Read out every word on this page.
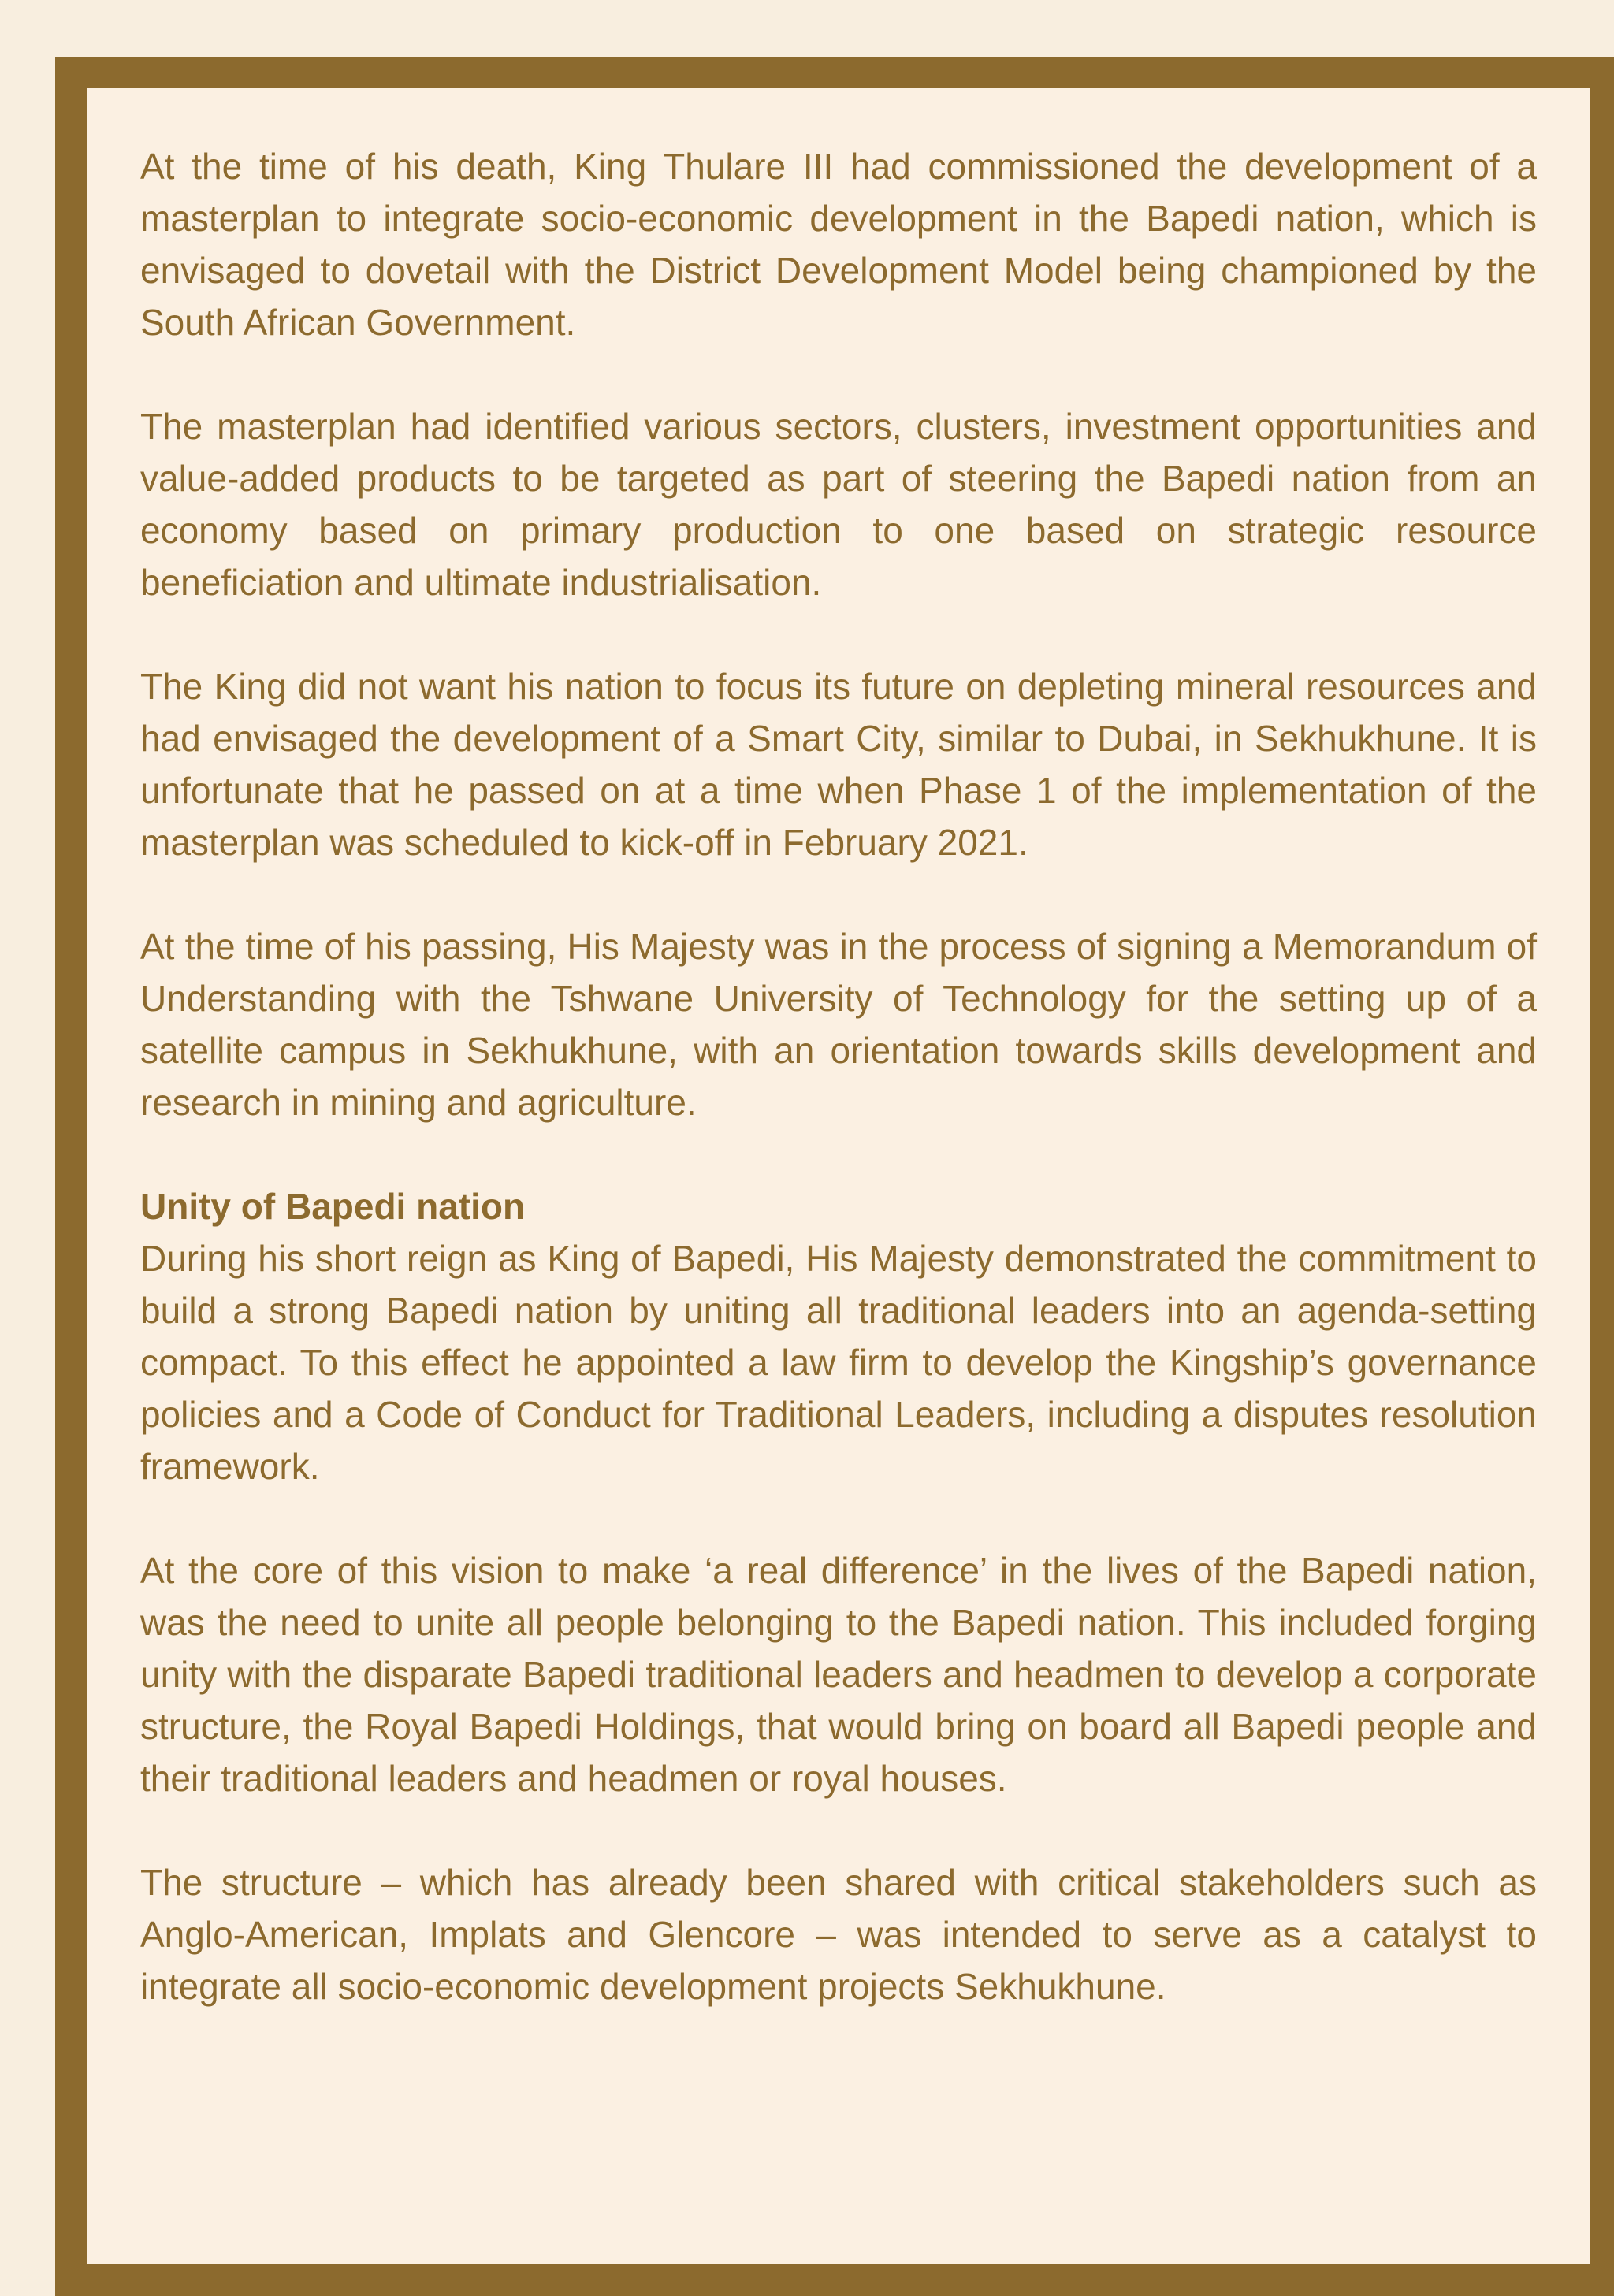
At the time of his death, King Thulare III had commissioned the development of a masterplan to integrate socio-economic development in the Bapedi nation, which is envisaged to dovetail with the District Development Model being championed by the South African Government.

The masterplan had identified various sectors, clusters, investment opportunities and value-added products to be targeted as part of steering the Bapedi nation from an economy based on primary production to one based on strategic resource beneficiation and ultimate industrialisation.

The King did not want his nation to focus its future on depleting mineral resources and had envisaged the development of a Smart City, similar to Dubai, in Sekhukhune. It is unfortunate that he passed on at a time when Phase 1 of the implementation of the masterplan was scheduled to kick-off in February 2021.

At the time of his passing, His Majesty was in the process of signing a Memorandum of Understanding with the Tshwane University of Technology for the setting up of a satellite campus in Sekhukhune, with an orientation towards skills development and research in mining and agriculture.

Unity of Bapedi nation

During his short reign as King of Bapedi, His Majesty demonstrated the commitment to build a strong Bapedi nation by uniting all traditional leaders into an agenda-setting compact. To this effect he appointed a law firm to develop the Kingship’s governance policies and a Code of Conduct for Traditional Leaders, including a disputes resolution framework.

At the core of this vision to make ‘a real difference’ in the lives of the Bapedi nation, was the need to unite all people belonging to the Bapedi nation. This included forging unity with the disparate Bapedi traditional leaders and headmen to develop a corporate structure, the Royal Bapedi Holdings, that would bring on board all Bapedi people and their traditional leaders and headmen or royal houses.

The structure – which has already been shared with critical stakeholders such as Anglo-American, Implats and Glencore – was intended to serve as a catalyst to integrate all socio-economic development projects Sekhukhune.
